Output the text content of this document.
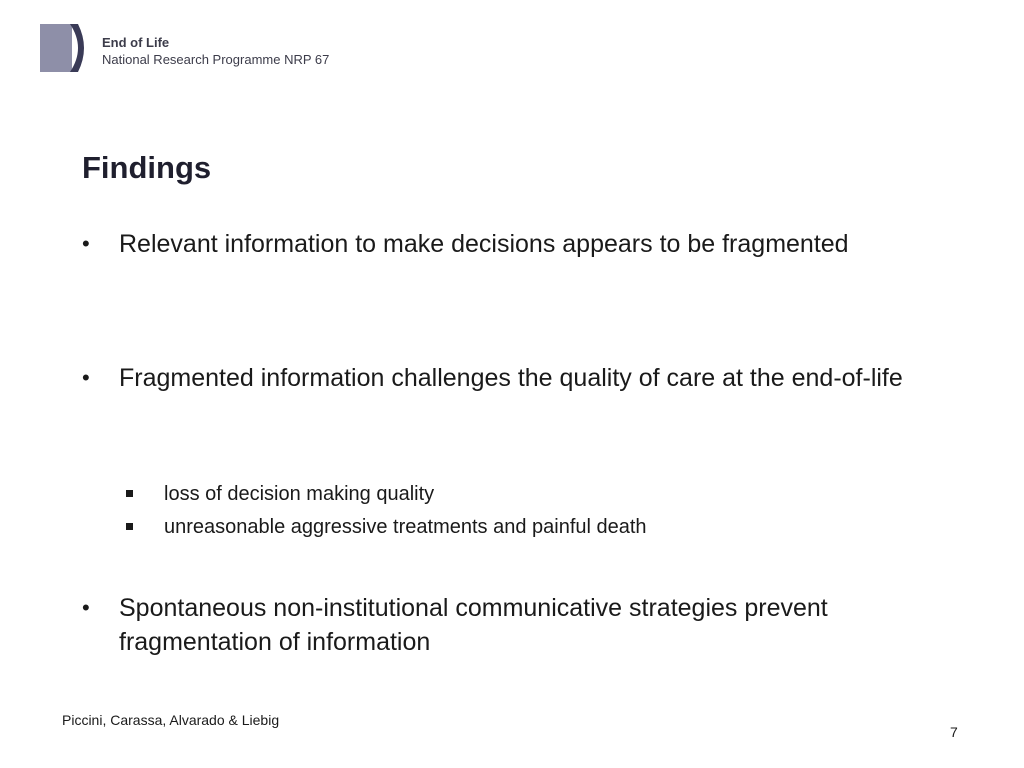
End of Life
National Research Programme NRP 67
Findings
•	Relevant information to make decisions appears to be fragmented
•	Fragmented information challenges the quality of care at the end-of-life
loss of decision making quality
unreasonable aggressive treatments and painful death
•	Spontaneous non-institutional communicative strategies prevent fragmentation of information
Piccini, Carassa, Alvarado & Liebig
7
